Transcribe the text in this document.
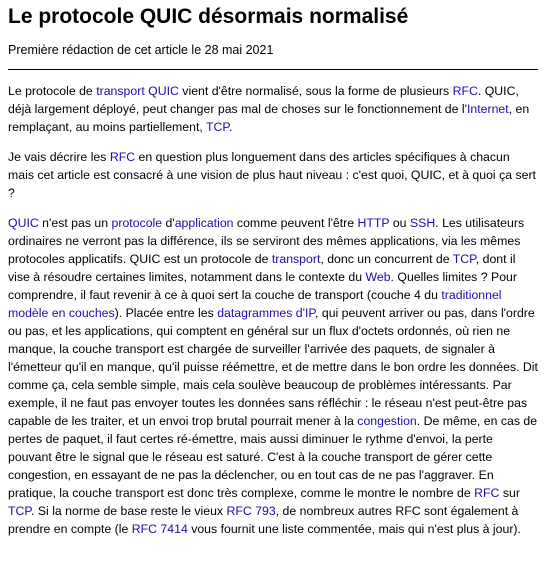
Le protocole QUIC désormais normalisé
Première rédaction de cet article le 28 mai 2021

Le protocole de transport QUIC vient d'être normalisé, sous la forme de plusieurs RFC. QUIC, déjà largement déployé, peut changer pas mal de choses sur le fonctionnement de l'Internet, en remplaçant, au moins partiellement, TCP.

Je vais décrire les RFC en question plus longuement dans des articles spécifiques à chacun mais cet article est consacré à une vision de plus haut niveau : c'est quoi, QUIC, et à quoi ça sert ?

QUIC n'est pas un protocole d'application comme peuvent l'être HTTP ou SSH. Les utilisateurs ordinaires ne verront pas la différence, ils se serviront des mêmes applications, via les mêmes protocoles applicatifs. QUIC est un protocole de transport, donc un concurrent de TCP, dont il vise à résoudre certaines limites, notamment dans le contexte du Web. Quelles limites ? Pour comprendre, il faut revenir à ce à quoi sert la couche de transport (couche 4 du traditionnel modèle en couches). Placée entre les datagrammes d'IP, qui peuvent arriver ou pas, dans l'ordre ou pas, et les applications, qui comptent en général sur un flux d'octets ordonnés, où rien ne manque, la couche transport est chargée de surveiller l'arrivée des paquets, de signaler à l'émetteur qu'il en manque, qu'il puisse réémettre, et de mettre dans le bon ordre les données. Dit comme ça, cela semble simple, mais cela soulève beaucoup de problèmes intéressants. Par exemple, il ne faut pas envoyer toutes les données sans réfléchir : le réseau n'est peut-être pas capable de les traiter, et un envoi trop brutal pourrait mener à la congestion. De même, en cas de pertes de paquet, il faut certes ré-émettre, mais aussi diminuer le rythme d'envoi, la perte pouvant être le signal que le réseau est saturé. C'est à la couche transport de gérer cette congestion, en essayant de ne pas la déclencher, ou en tout cas de ne pas l'aggraver. En pratique, la couche transport est donc très complexe, comme le montre le nombre de RFC sur TCP. Si la norme de base reste le vieux RFC 793, de nombreux autres RFC sont également à prendre en compte (le RFC 7414 vous fournit une liste commentée, mais qui n'est plus à jour).
